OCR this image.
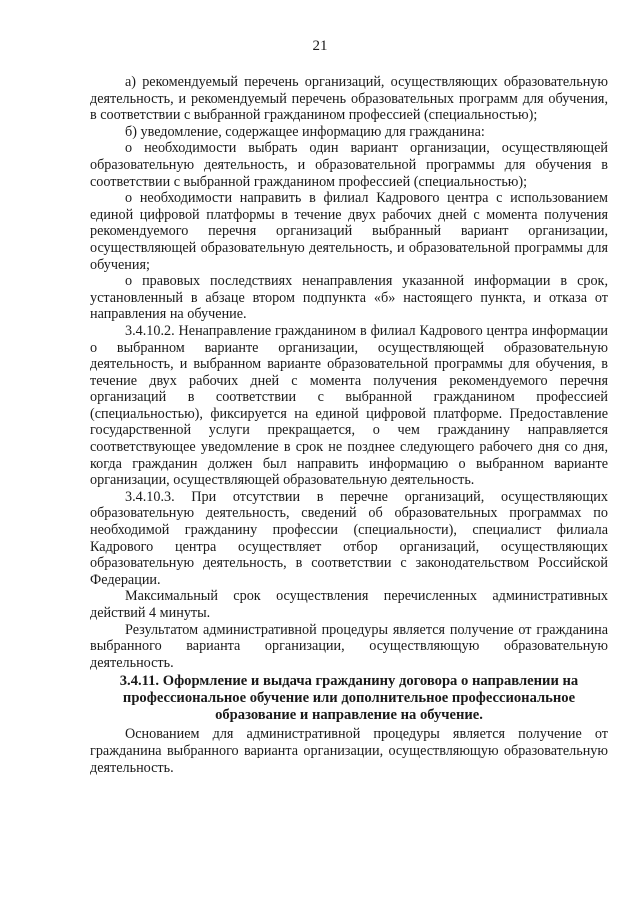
21

а) рекомендуемый перечень организаций, осуществляющих образовательную деятельность, и рекомендуемый перечень образовательных программ для обучения, в соответствии с выбранной гражданином профессией (специальностью);

б) уведомление, содержащее информацию для гражданина:

о необходимости выбрать один вариант организации, осуществляющей образовательную деятельность, и образовательной программы для обучения в соответствии с выбранной гражданином профессией (специальностью);

о необходимости направить в филиал Кадрового центра с использованием единой цифровой платформы в течение двух рабочих дней с момента получения рекомендуемого перечня организаций выбранный вариант организации, осуществляющей образовательную деятельность, и образовательной программы для обучения;

о правовых последствиях ненаправления указанной информации в срок, установленный в абзаце втором подпункта «б» настоящего пункта, и отказа от направления на обучение.

3.4.10.2. Ненаправление гражданином в филиал Кадрового центра информации о выбранном варианте организации, осуществляющей образовательную деятельность, и выбранном варианте образовательной программы для обучения, в течение двух рабочих дней с момента получения рекомендуемого перечня организаций в соответствии с выбранной гражданином профессией (специальностью), фиксируется на единой цифровой платформе. Предоставление государственной услуги прекращается, о чем гражданину направляется соответствующее уведомление в срок не позднее следующего рабочего дня со дня, когда гражданин должен был направить информацию о выбранном варианте организации, осуществляющей образовательную деятельность.

3.4.10.3. При отсутствии в перечне организаций, осуществляющих образовательную деятельность, сведений об образовательных программах по необходимой гражданину профессии (специальности), специалист филиала Кадрового центра осуществляет отбор организаций, осуществляющих образовательную деятельность, в соответствии с законодательством Российской Федерации.

Максимальный срок осуществления перечисленных административных действий 4 минуты.

Результатом административной процедуры является получение от гражданина выбранного варианта организации, осуществляющую образовательную деятельность.

3.4.11. Оформление и выдача гражданину договора о направлении на профессиональное обучение или дополнительное профессиональное образование и направление на обучение.

Основанием для административной процедуры является получение от гражданина выбранного варианта организации, осуществляющую образовательную деятельность.
